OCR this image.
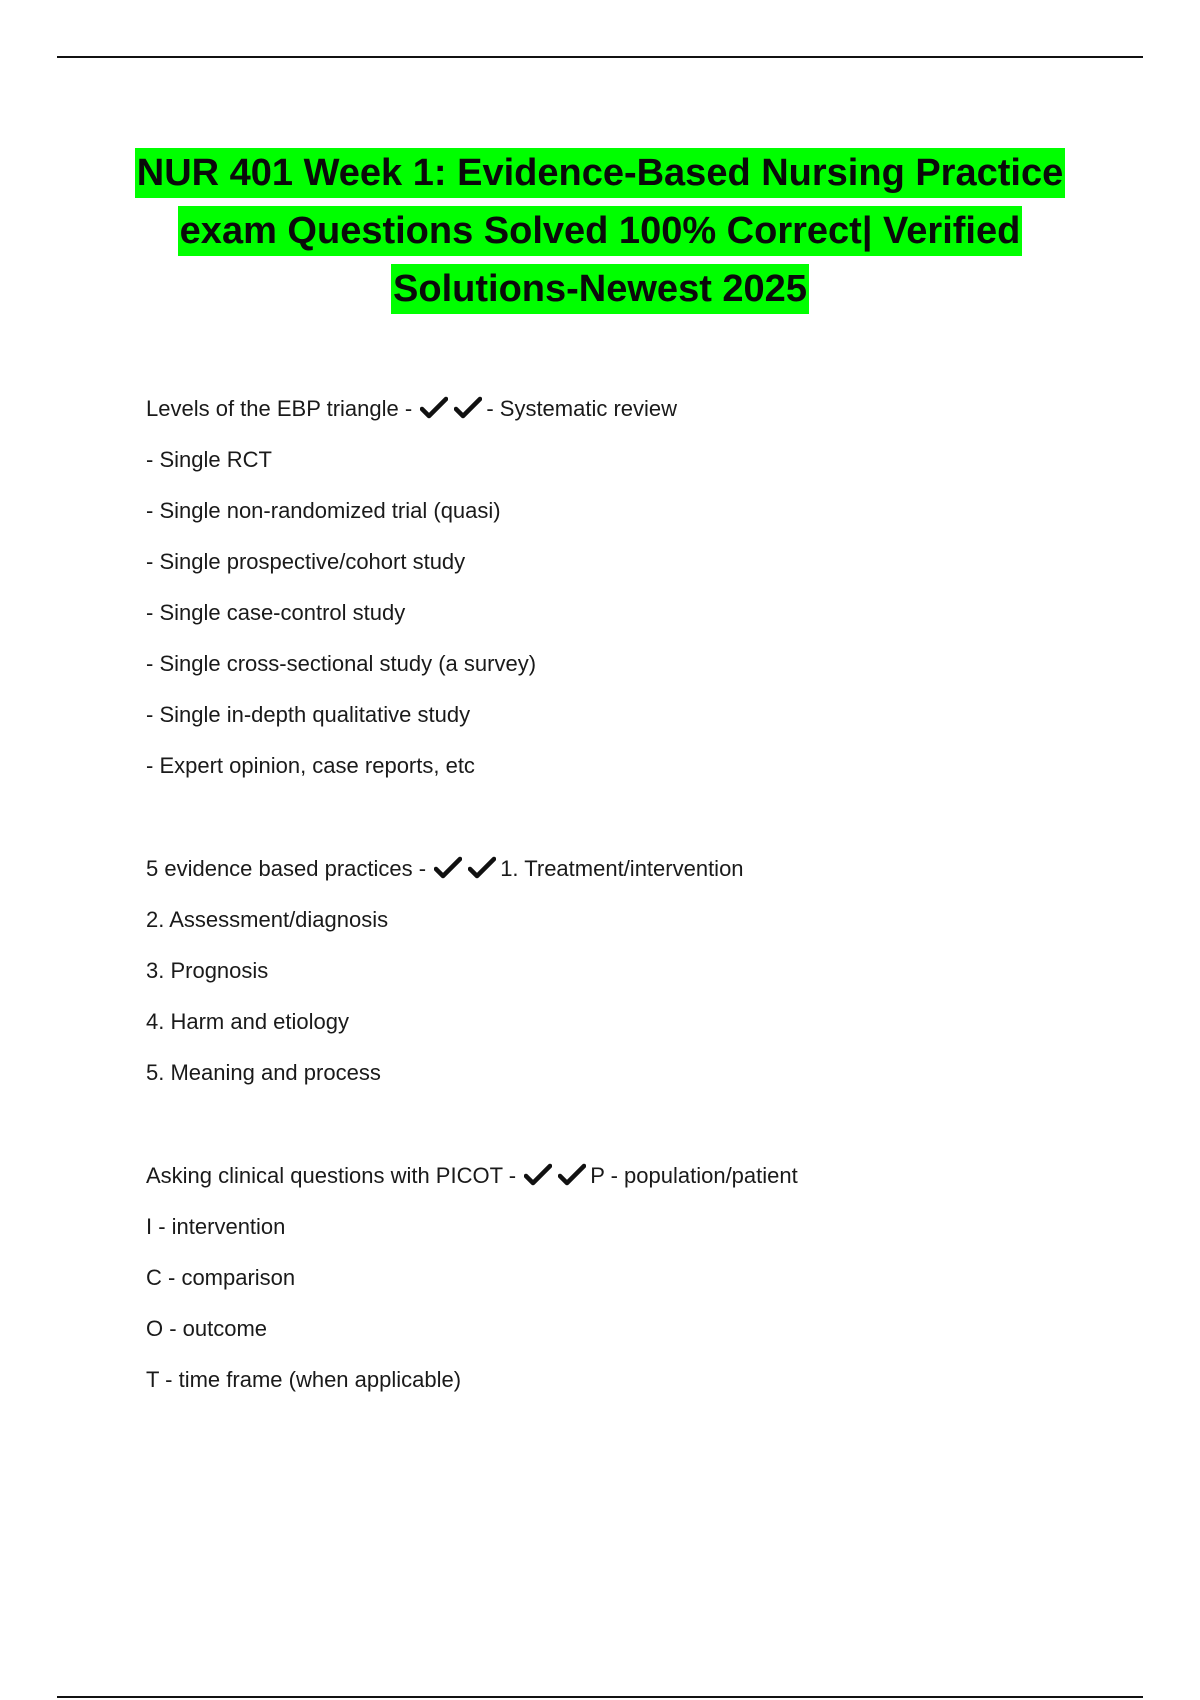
NUR 401 Week 1: Evidence-Based Nursing Practice
exam Questions Solved 100% Correct| Verified
Solutions-Newest 2025
Levels of the EBP triangle -	- Systematic review
- Single RCT
- Single non-randomized trial (quasi)
- Single prospective/cohort study
- Single case-control study
- Single cross-sectional study (a survey)
- Single in-depth qualitative study
- Expert opinion, case reports, etc
5 evidence based practices -	1. Treatment/intervention
2. Assessment/diagnosis
3. Prognosis
4. Harm and etiology
5. Meaning and process
Asking clinical questions with PICOT -	P - population/patient
I - intervention
C - comparison
O - outcome
T - time frame (when applicable)
